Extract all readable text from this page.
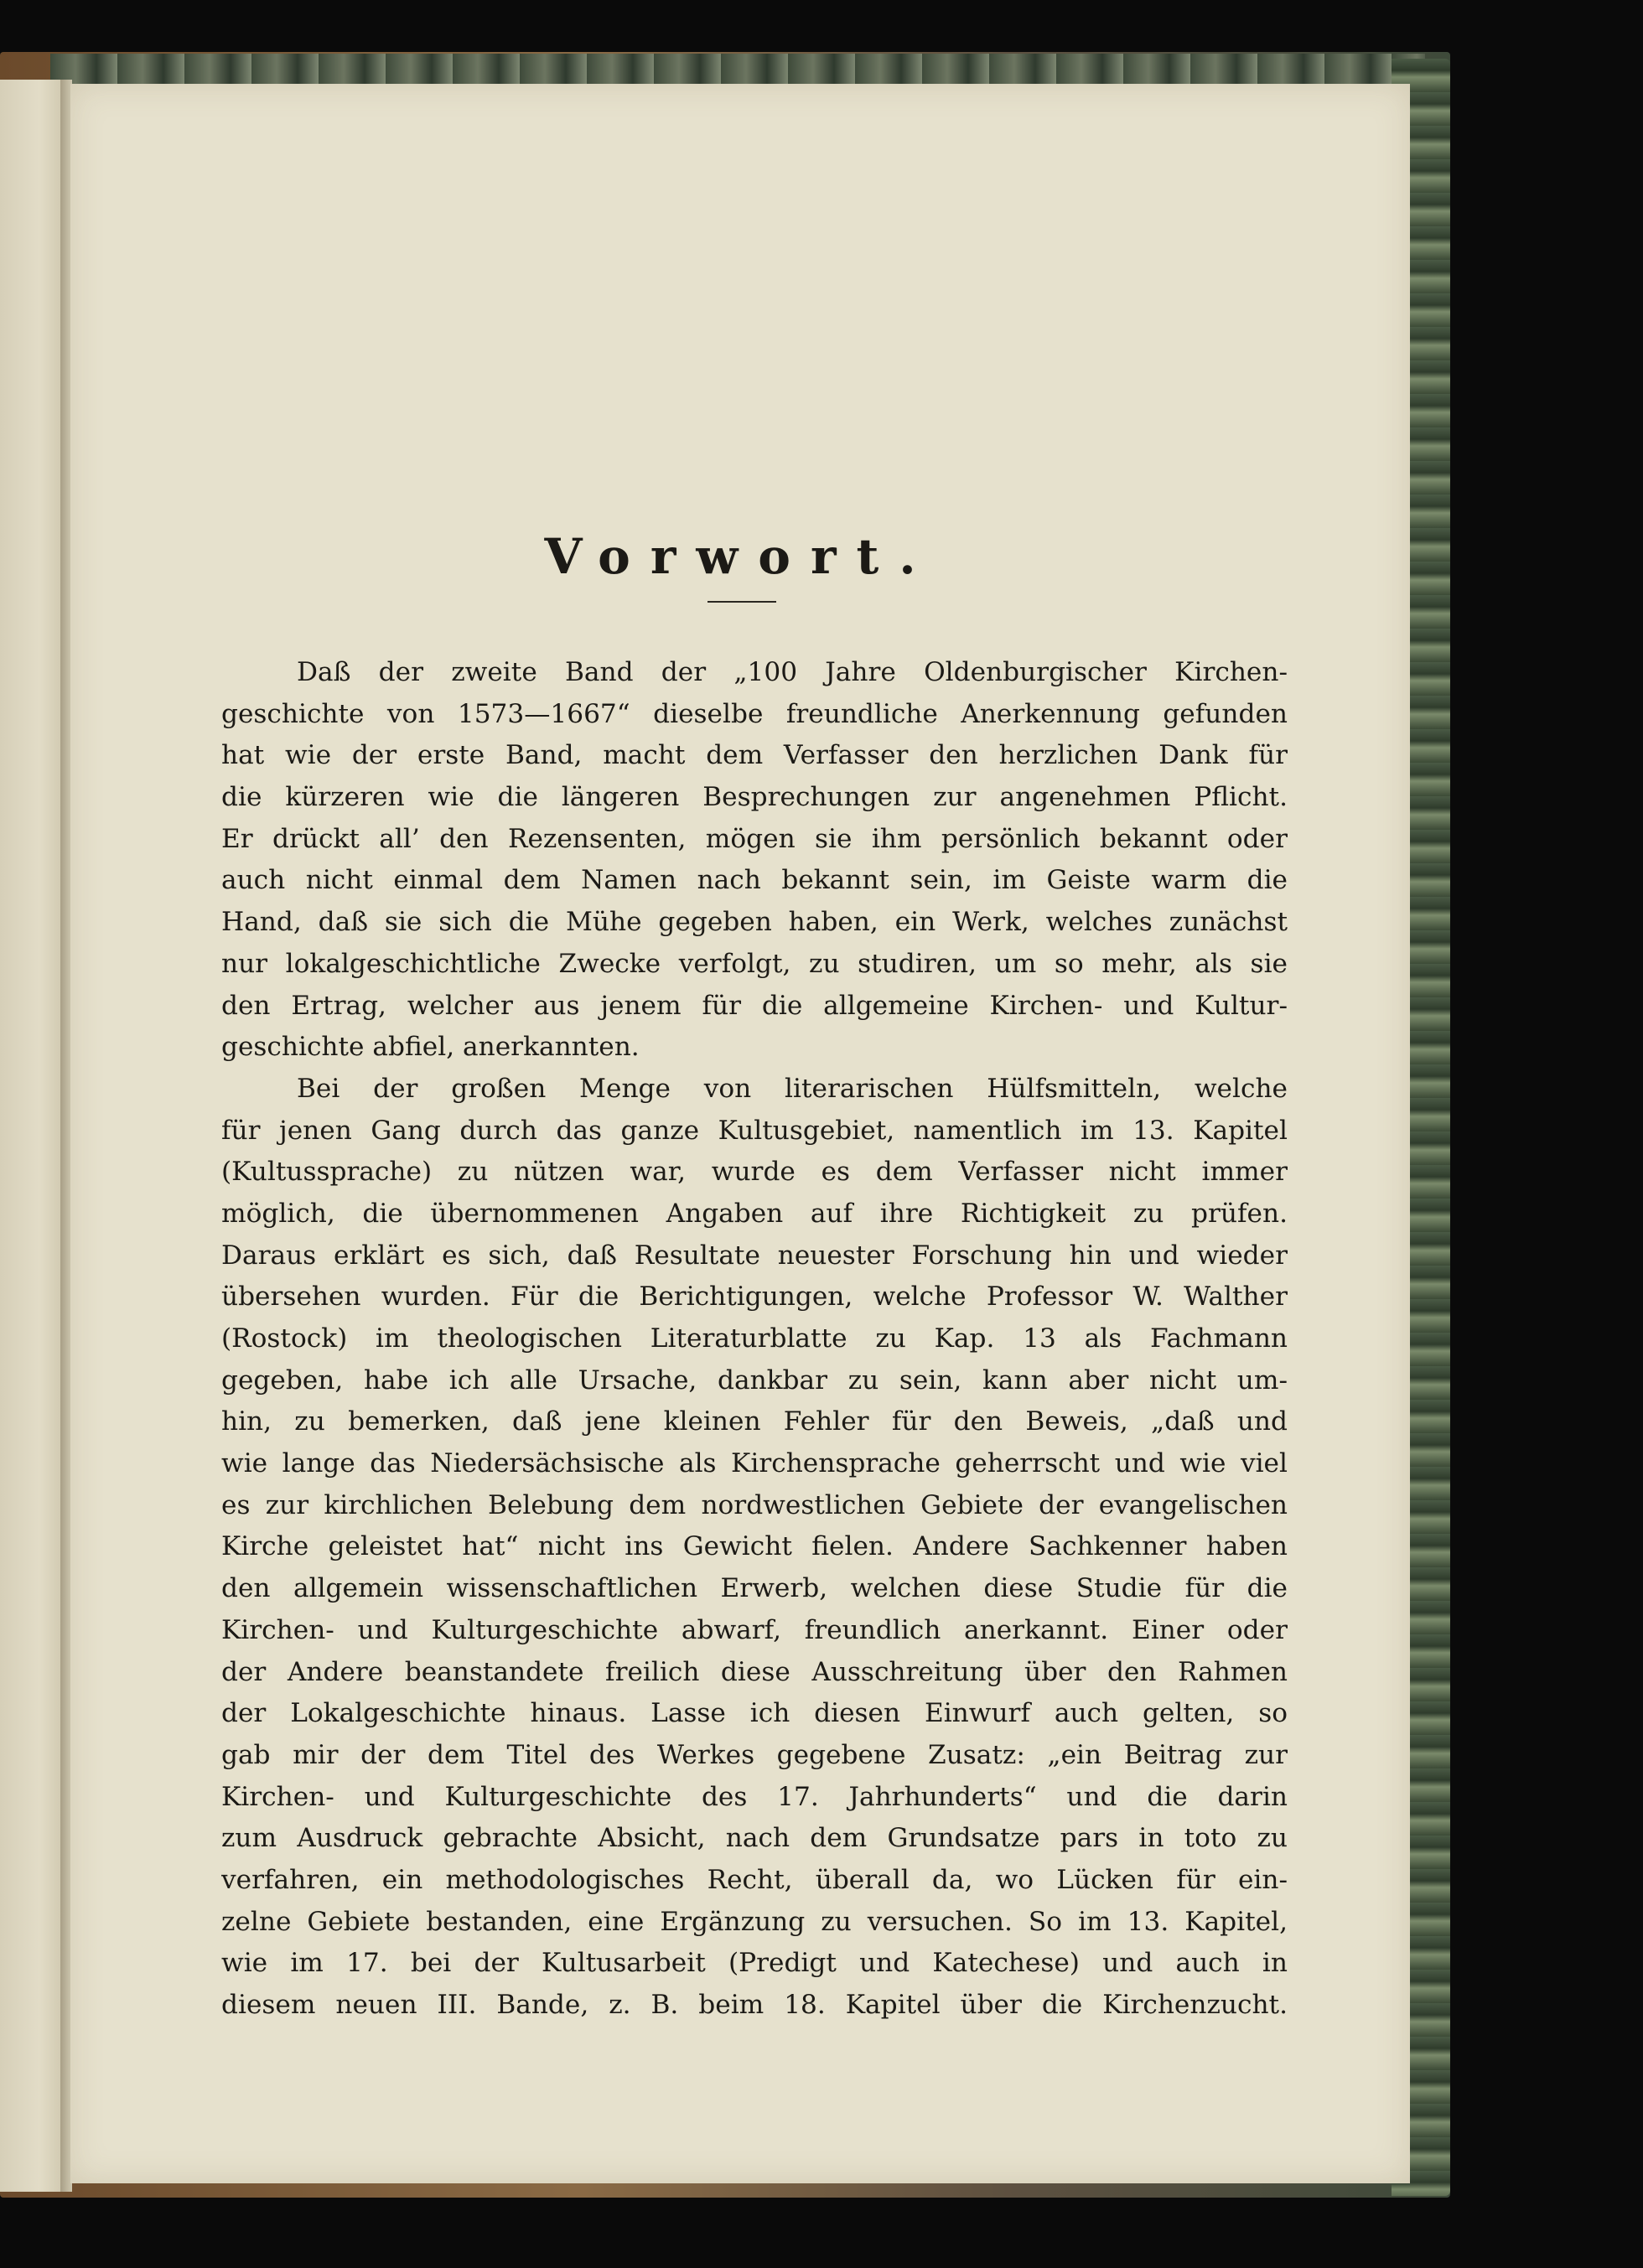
Vorwort.
Daß der zweite Band der „100 Jahre Oldenburgischer Kirchen-
geschichte von 1573—1667“ dieselbe freundliche Anerkennung gefunden
hat wie der erste Band, macht dem Verfasser den herzlichen Dank für
die kürzeren wie die längeren Besprechungen zur angenehmen Pflicht.
Er drückt all’ den Rezensenten, mögen sie ihm persönlich bekannt oder
auch nicht einmal dem Namen nach bekannt sein, im Geiste warm die
Hand, daß sie sich die Mühe gegeben haben, ein Werk, welches zunächst
nur lokalgeschichtliche Zwecke verfolgt, zu studiren, um so mehr, als sie
den Ertrag, welcher aus jenem für die allgemeine Kirchen- und Kultur-
geschichte abfiel, anerkannten.
Bei der großen Menge von literarischen Hülfsmitteln, welche
für jenen Gang durch das ganze Kultusgebiet, namentlich im 13. Kapitel
(Kultussprache) zu nützen war, wurde es dem Verfasser nicht immer
möglich, die übernommenen Angaben auf ihre Richtigkeit zu prüfen.
Daraus erklärt es sich, daß Resultate neuester Forschung hin und wieder
übersehen wurden. Für die Berichtigungen, welche Professor W. Walther
(Rostock) im theologischen Literaturblatte zu Kap. 13 als Fachmann
gegeben, habe ich alle Ursache, dankbar zu sein, kann aber nicht um-
hin, zu bemerken, daß jene kleinen Fehler für den Beweis, „daß und
wie lange das Niedersächsische als Kirchensprache geherrscht und wie viel
es zur kirchlichen Belebung dem nordwestlichen Gebiete der evangelischen
Kirche geleistet hat“ nicht ins Gewicht fielen. Andere Sachkenner haben
den allgemein wissenschaftlichen Erwerb, welchen diese Studie für die
Kirchen- und Kulturgeschichte abwarf, freundlich anerkannt. Einer oder
der Andere beanstandete freilich diese Ausschreitung über den Rahmen
der Lokalgeschichte hinaus. Lasse ich diesen Einwurf auch gelten, so
gab mir der dem Titel des Werkes gegebene Zusatz: „ein Beitrag zur
Kirchen- und Kulturgeschichte des 17. Jahrhunderts“ und die darin
zum Ausdruck gebrachte Absicht, nach dem Grundsatze pars in toto zu
verfahren, ein methodologisches Recht, überall da, wo Lücken für ein-
zelne Gebiete bestanden, eine Ergänzung zu versuchen. So im 13. Kapitel,
wie im 17. bei der Kultusarbeit (Predigt und Katechese) und auch in
diesem neuen III. Bande, z. B. beim 18. Kapitel über die Kirchenzucht.
